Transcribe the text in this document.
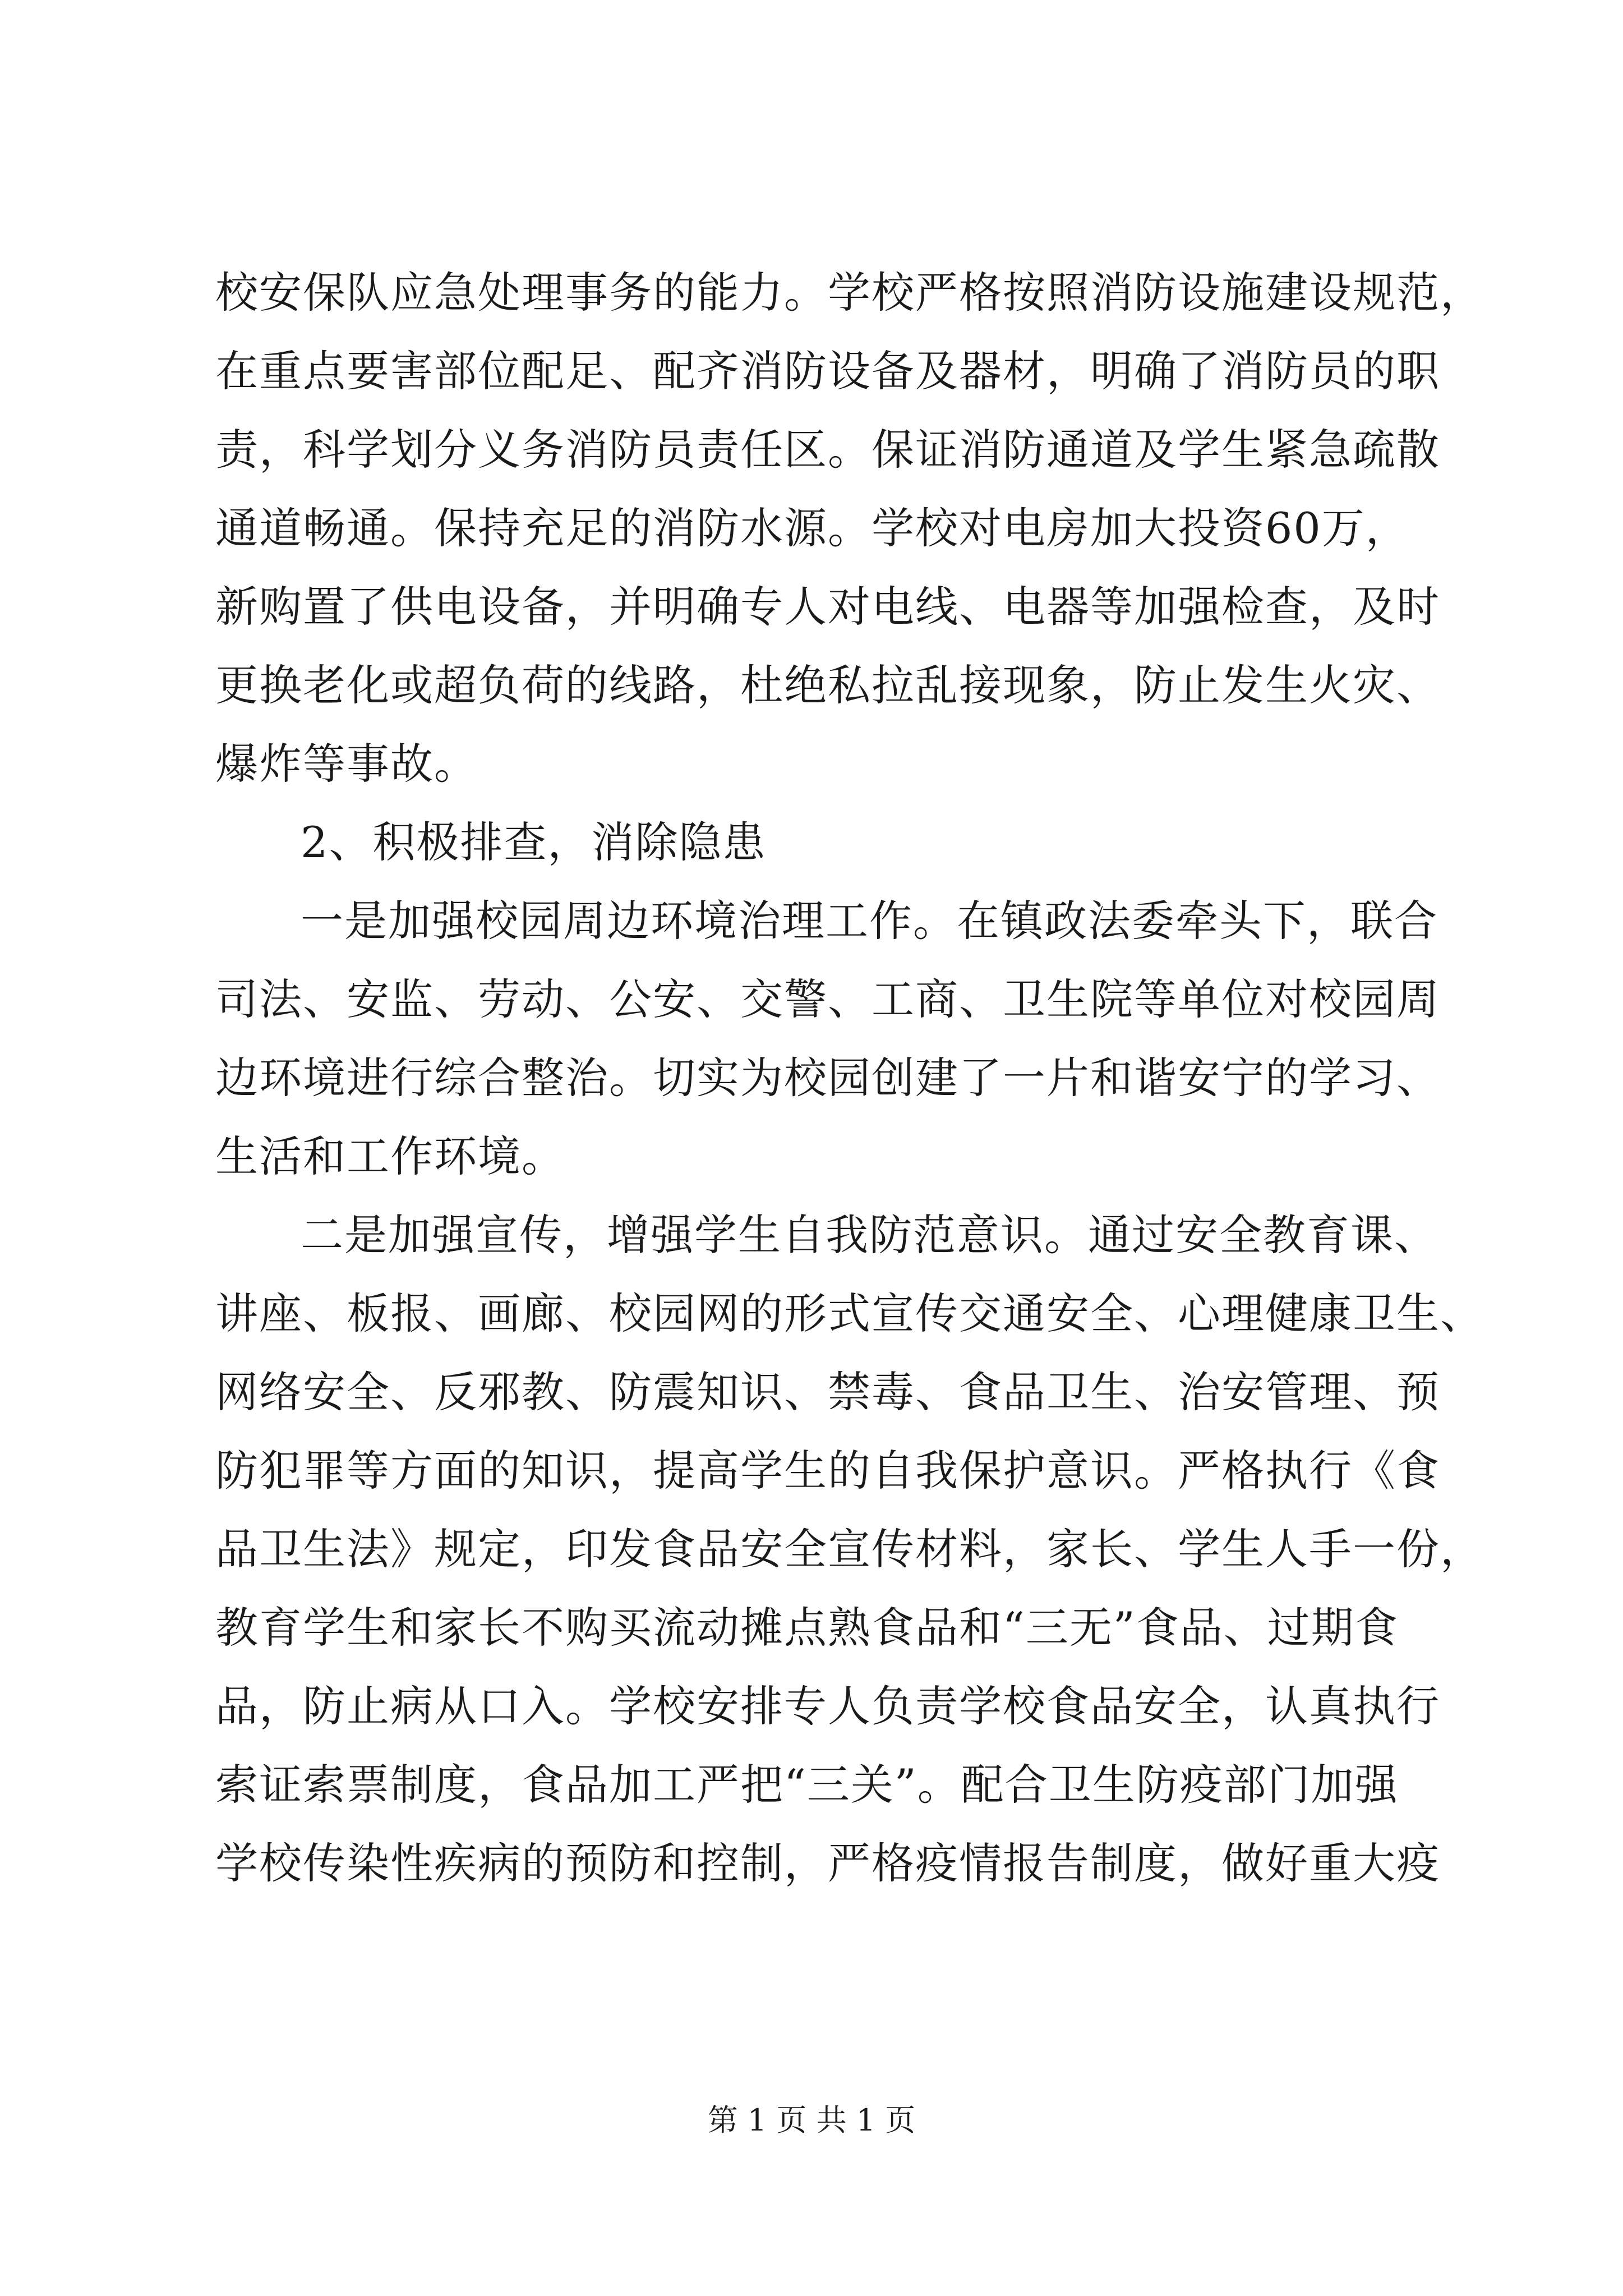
校安保队应急处理事务的能力。学校严格按照消防设施建设规范，
在重点要害部位配足、配齐消防设备及器材，明确了消防员的职
责，科学划分义务消防员责任区。保证消防通道及学生紧急疏散
通道畅通。保持充足的消防水源。学校对电房加大投资60万，
新购置了供电设备，并明确专人对电线、电器等加强检查，及时
更换老化或超负荷的线路，杜绝私拉乱接现象，防止发生火灾、
爆炸等事故。
2、积极排查，消除隐患
一是加强校园周边环境治理工作。在镇政法委牵头下，联合
司法、安监、劳动、公安、交警、工商、卫生院等单位对校园周
边环境进行综合整治。切实为校园创建了一片和谐安宁的学习、
生活和工作环境。
二是加强宣传，增强学生自我防范意识。通过安全教育课、
讲座、板报、画廊、校园网的形式宣传交通安全、心理健康卫生、
网络安全、反邪教、防震知识、禁毒、食品卫生、治安管理、预
防犯罪等方面的知识，提高学生的自我保护意识。严格执行《食
品卫生法》规定，印发食品安全宣传材料，家长、学生人手一份，
教育学生和家长不购买流动摊点熟食品和“三无”食品、过期食
品，防止病从口入。学校安排专人负责学校食品安全，认真执行
索证索票制度，食品加工严把“三关”。配合卫生防疫部门加强
学校传染性疾病的预防和控制，严格疫情报告制度，做好重大疫
第 1 页 共 1 页
